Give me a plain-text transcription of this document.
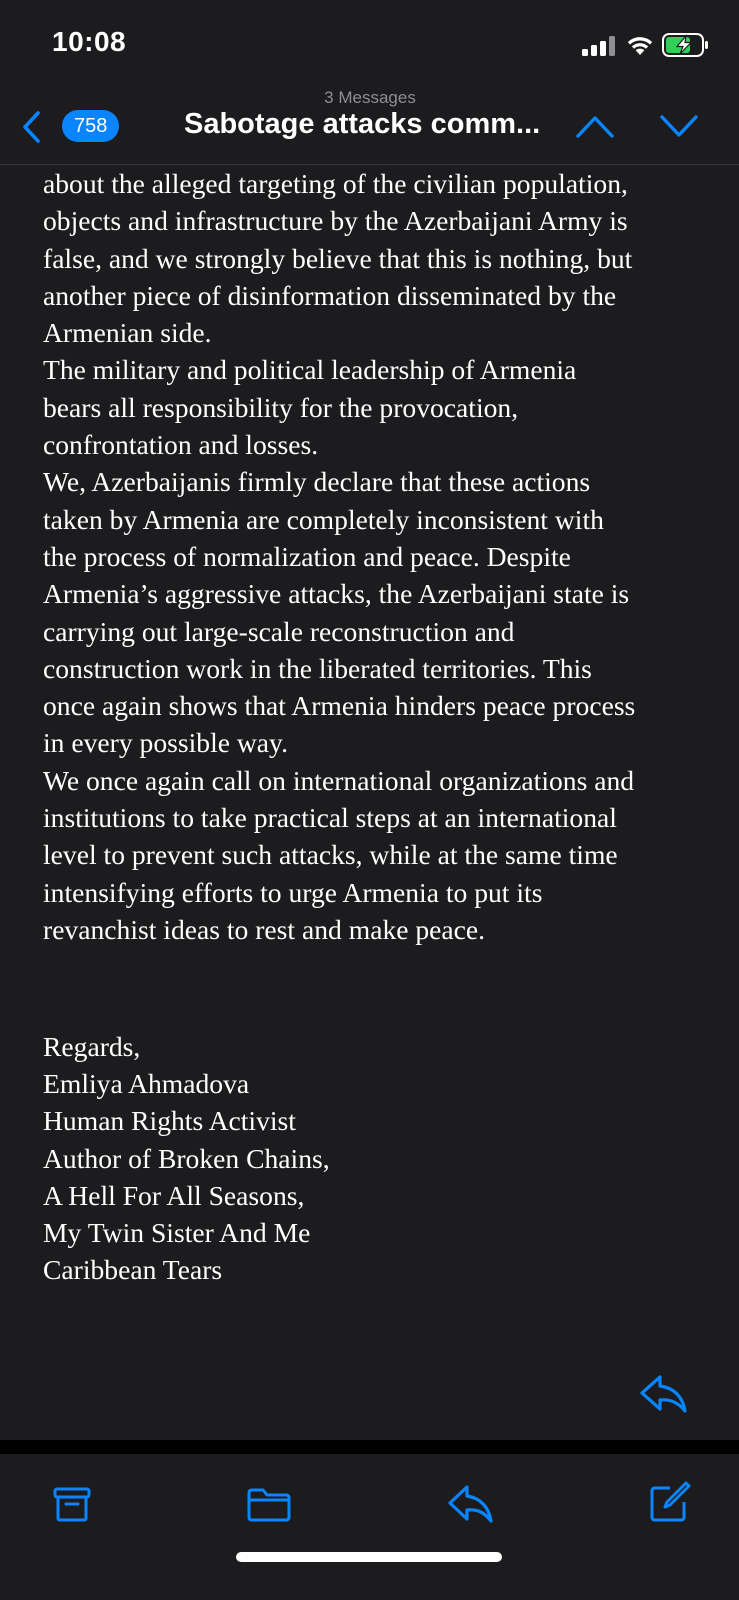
10:08
758
3 Messages
Sabotage attacks comm...
about the alleged targeting of the civilian population,
objects and infrastructure by the Azerbaijani Army is
false, and we strongly believe that this is nothing, but
another piece of disinformation disseminated by the
Armenian side.
The military and political leadership of Armenia
bears all responsibility for the provocation,
confrontation and losses.
We, Azerbaijanis firmly declare that these actions
taken by Armenia are completely inconsistent with
the process of normalization and peace. Despite
Armenia’s aggressive attacks, the Azerbaijani state is
carrying out large-scale reconstruction and
construction work in the liberated territories. This
once again shows that Armenia hinders peace process
in every possible way.
We once again call on international organizations and
institutions to take practical steps at an international
level to prevent such attacks, while at the same time
intensifying efforts to urge Armenia to put its
revanchist ideas to rest and make peace.
Regards,
Emliya Ahmadova
Human Rights Activist
Author of Broken Chains,
A Hell For All Seasons,
My Twin Sister And Me
Caribbean Tears
